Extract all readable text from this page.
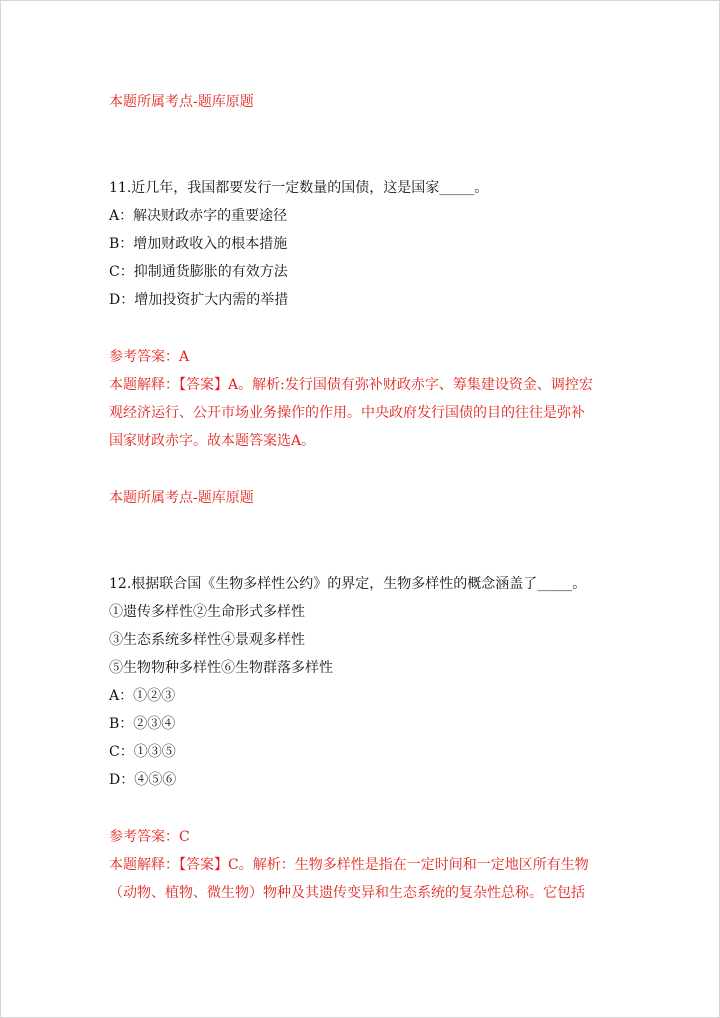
本题所属考点-题库原题
11.近几年，我国都要发行一定数量的国债，这是国家_____。
A：解决财政赤字的重要途径
B：增加财政收入的根本措施
C：抑制通货膨胀的有效方法
D：增加投资扩大内需的举措
参考答案：A
本题解释：【答案】A。解析:发行国债有弥补财政赤字、筹集建设资金、调控宏
观经济运行、公开市场业务操作的作用。中央政府发行国债的目的往往是弥补
国家财政赤字。故本题答案选A。
本题所属考点-题库原题
12.根据联合国《生物多样性公约》的界定，生物多样性的概念涵盖了_____。
①遗传多样性②生命形式多样性
③生态系统多样性④景观多样性
⑤生物物种多样性⑥生物群落多样性
A：①②③
B：②③④
C：①③⑤
D：④⑤⑥
参考答案：C
本题解释：【答案】C。解析：生物多样性是指在一定时间和一定地区所有生物
（动物、植物、微生物）物种及其遗传变异和生态系统的复杂性总称。它包括
